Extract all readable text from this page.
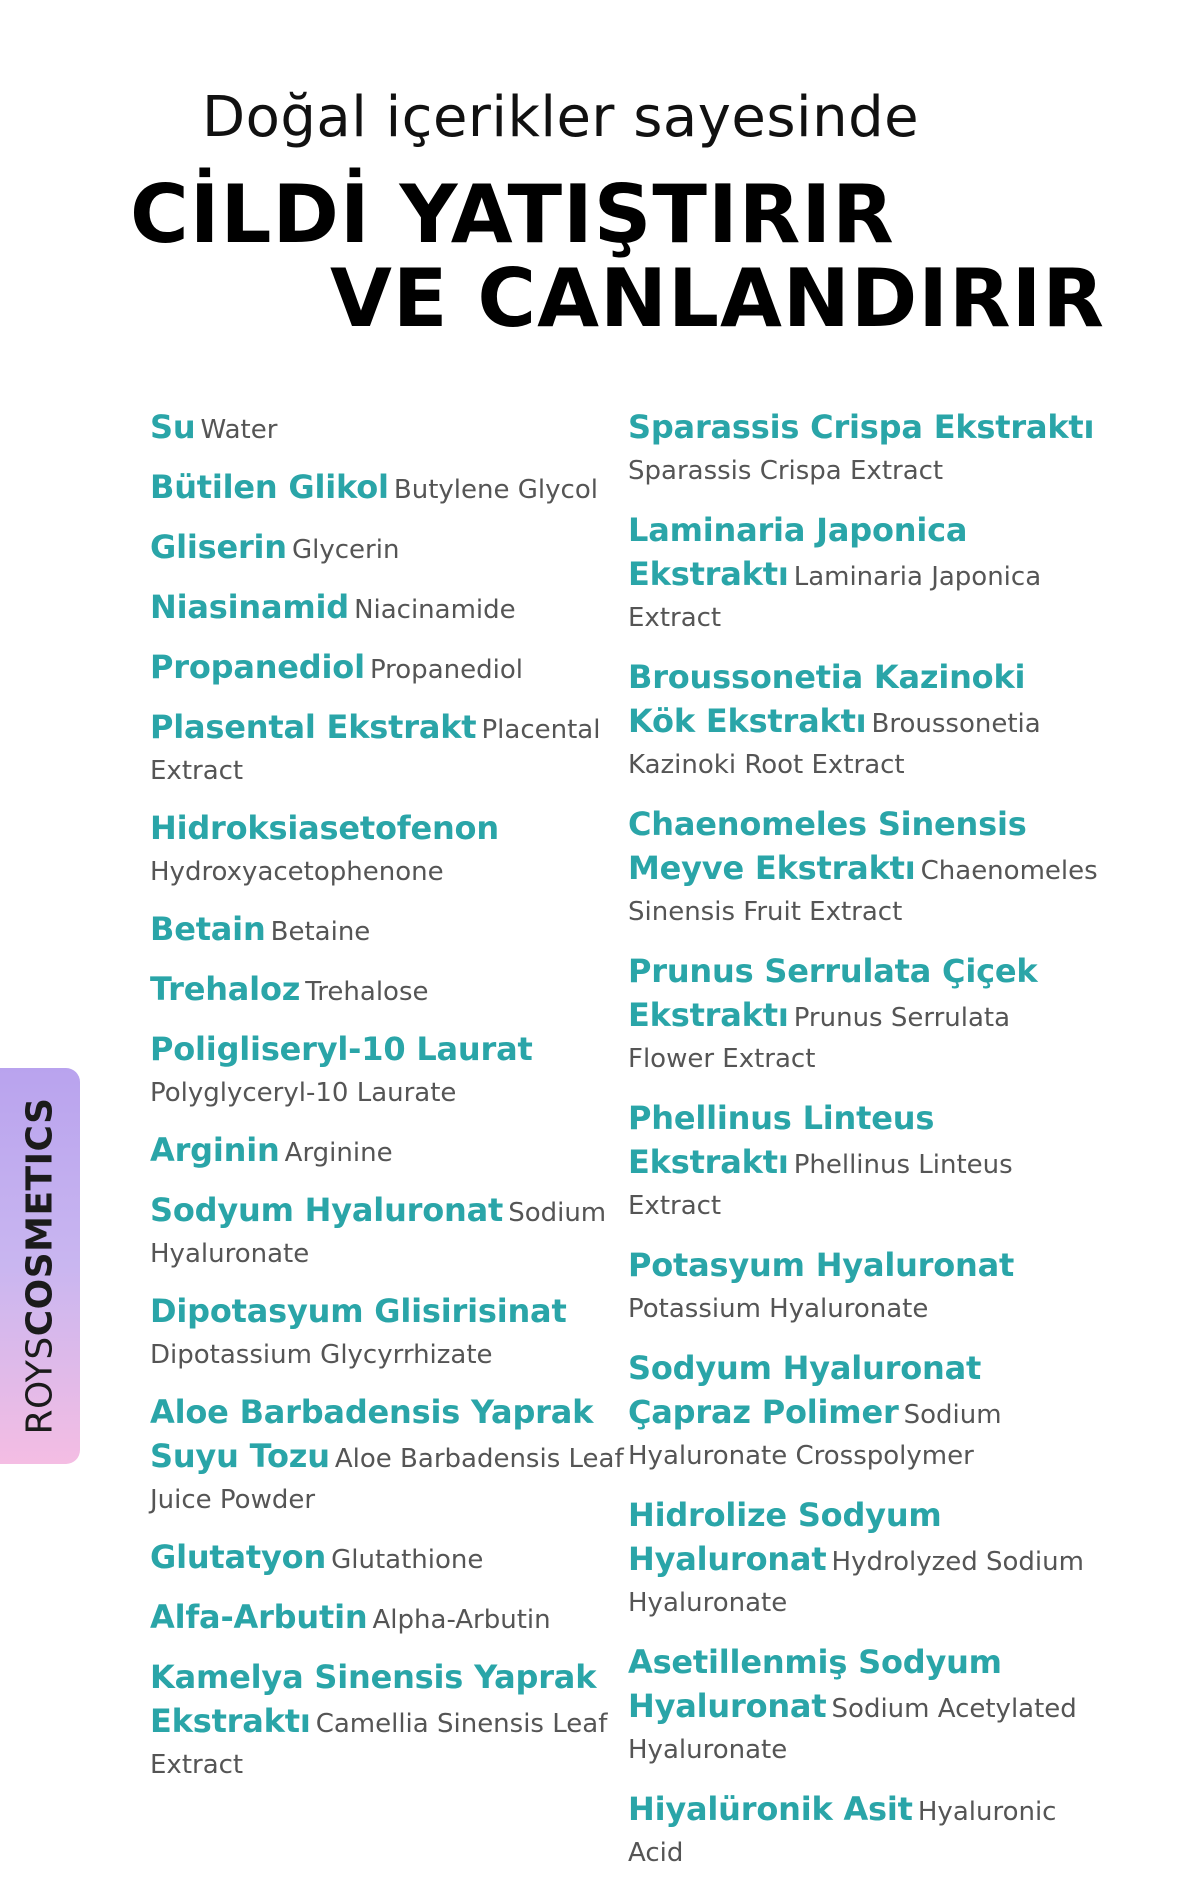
Doğal içerikler sayesinde
CİLDİ YATIŞTIRIR
VE CANLANDIRIR
Su Water
Bütilen Glikol Butylene Glycol
Gliserin Glycerin
Niasinamid Niacinamide
Propanediol Propanediol
Plasental Ekstrakt Placental Extract
Hidroksiasetofenon Hydroxyacetophenone
Betain Betaine
Trehaloz Trehalose
Poligliseryl-10 Laurat Polyglyceryl-10 Laurate
Arginin Arginine
Sodyum Hyaluronat Sodium Hyaluronate
Dipotasyum Glisirisinat Dipotassium Glycyrrhizate
Aloe Barbadensis Yaprak Suyu Tozu Aloe Barbadensis Leaf Juice Powder
Glutatyon Glutathione
Alfa-Arbutin Alpha-Arbutin
Kamelya Sinensis Yaprak Ekstraktı Camellia Sinensis Leaf Extract
Sparassis Crispa Ekstraktı Sparassis Crispa Extract
Laminaria Japonica Ekstraktı Laminaria Japonica Extract
Broussonetia Kazinoki Kök Ekstraktı Broussonetia Kazinoki Root Extract
Chaenomeles Sinensis Meyve Ekstraktı Chaenomeles Sinensis Fruit Extract
Prunus Serrulata Çiçek Ekstraktı Prunus Serrulata Flower Extract
Phellinus Linteus Ekstraktı Phellinus Linteus Extract
Potasyum Hyaluronat Potassium Hyaluronate
Sodyum Hyaluronat Çapraz Polimer Sodium Hyaluronate Crosspolymer
Hidrolize Sodyum Hyaluronat Hydrolyzed Sodium Hyaluronate
Asetillenmiş Sodyum Hyaluronat Sodium Acetylated Hyaluronate
Hiyalüronik Asit Hyaluronic Acid
ROYSCOSMETICS
